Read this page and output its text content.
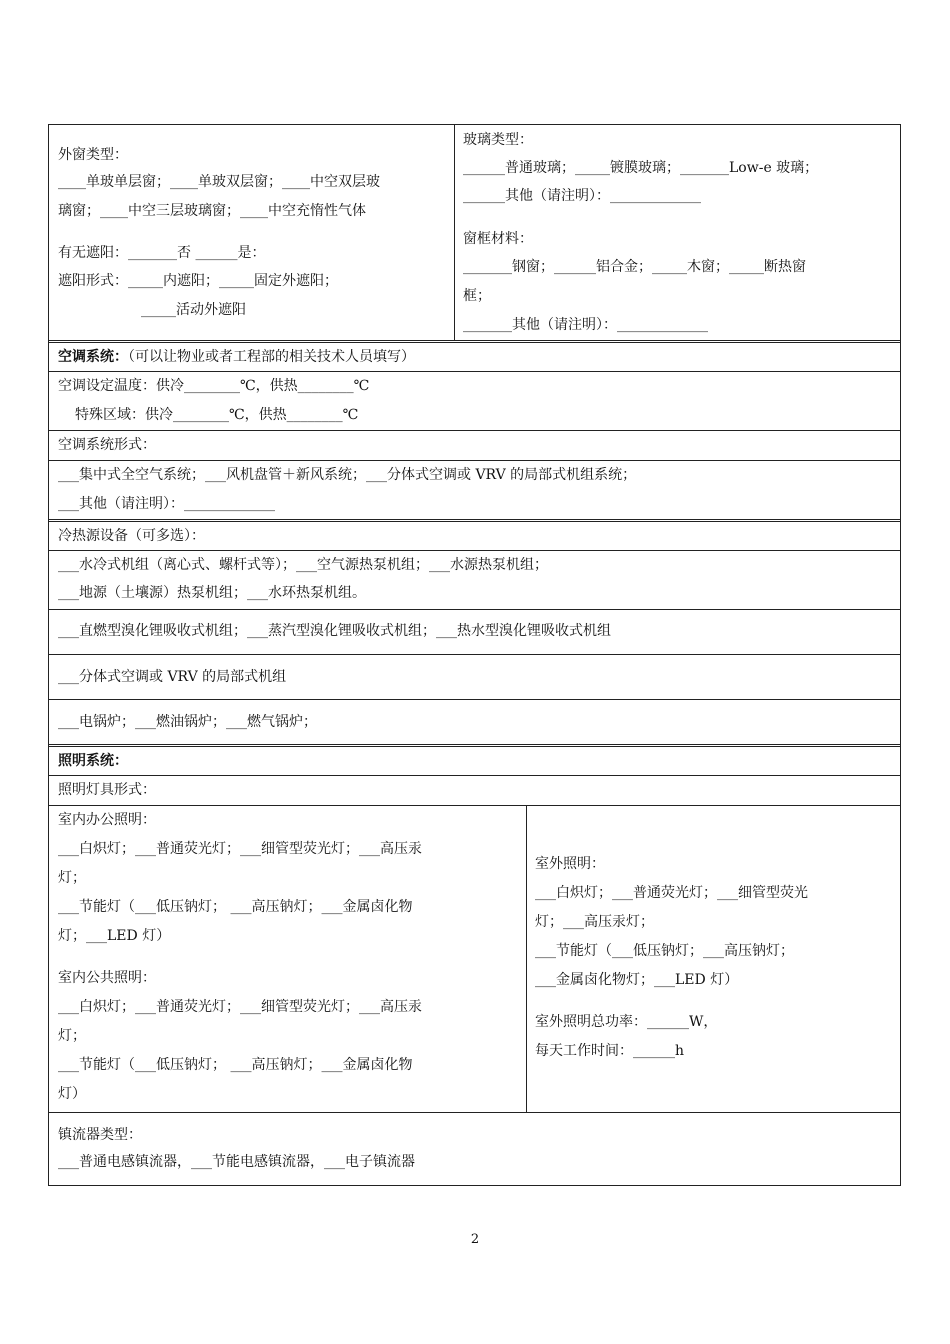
外窗类型：
____单玻单层窗；____单玻双层窗；____中空双层玻
璃窗；____中空三层玻璃窗；____中空充惰性气体
有无遮阳：_______否 ______是：
遮阳形式：_____内遮阳；_____固定外遮阳；
_____活动外遮阳
玻璃类型：
______普通玻璃；_____镀膜玻璃；_______Low-e 玻璃；
______其他（请注明）：_____________
窗框材料：
_______钢窗；______铝合金；_____木窗；_____断热窗
框；
_______其他（请注明）：_____________
空调系统：（可以让物业或者工程部的相关技术人员填写）
空调设定温度：供冷________℃，供热________℃
特殊区域：供冷________℃，供热________℃
空调系统形式：
___集中式全空气系统；___风机盘管＋新风系统；___分体式空调或 VRV 的局部式机组系统；
___其他（请注明）：_____________
冷热源设备（可多选）：
___水冷式机组（离心式、螺杆式等）；___空气源热泵机组；___水源热泵机组；
___地源（土壤源）热泵机组；___水环热泵机组。
___直燃型溴化锂吸收式机组；___蒸汽型溴化锂吸收式机组；___热水型溴化锂吸收式机组
___分体式空调或 VRV 的局部式机组
___电锅炉；___燃油锅炉；___燃气锅炉；
照明系统：
照明灯具形式：
室内办公照明：
___白炽灯；___普通荧光灯；___细管型荧光灯；___高压汞
灯；
___节能灯（___低压钠灯； ___高压钠灯；___金属卤化物
灯；___LED 灯）
室内公共照明：
___白炽灯；___普通荧光灯；___细管型荧光灯；___高压汞
灯；
___节能灯（___低压钠灯； ___高压钠灯；___金属卤化物
灯）
室外照明：
___白炽灯；___普通荧光灯；___细管型荧光
灯；___高压汞灯；
___节能灯（___低压钠灯；___高压钠灯；
___金属卤化物灯；___LED 灯）
室外照明总功率：______W，
每天工作时间：______h
镇流器类型：
___普通电感镇流器，___节能电感镇流器，___电子镇流器
2
